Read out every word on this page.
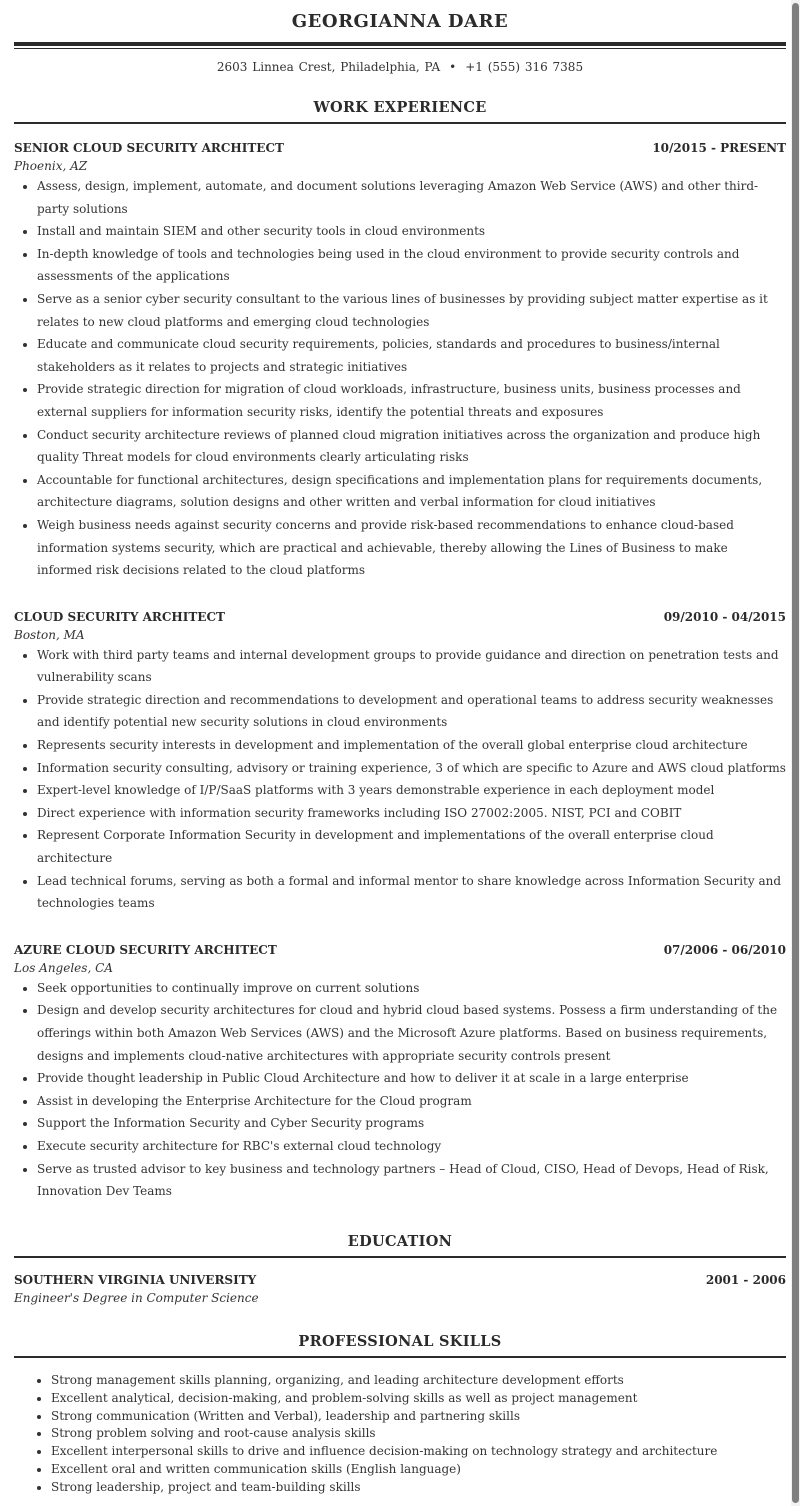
GEORGIANNA DARE
2603 Linnea Crest, Philadelphia, PA • +1 (555) 316 7385
WORK EXPERIENCE
SENIOR CLOUD SECURITY ARCHITECT	10/2015 - PRESENT
Phoenix, AZ
• Assess, design, implement, automate, and document solutions leveraging Amazon Web Service (AWS) and other third-party solutions
• Install and maintain SIEM and other security tools in cloud environments
• In-depth knowledge of tools and technologies being used in the cloud environment to provide security controls and assessments of the applications
• Serve as a senior cyber security consultant to the various lines of businesses by providing subject matter expertise as it relates to new cloud platforms and emerging cloud technologies
• Educate and communicate cloud security requirements, policies, standards and procedures to business/internal stakeholders as it relates to projects and strategic initiatives
• Provide strategic direction for migration of cloud workloads, infrastructure, business units, business processes and external suppliers for information security risks, identify the potential threats and exposures
• Conduct security architecture reviews of planned cloud migration initiatives across the organization and produce high quality Threat models for cloud environments clearly articulating risks
• Accountable for functional architectures, design specifications and implementation plans for requirements documents, architecture diagrams, solution designs and other written and verbal information for cloud initiatives
• Weigh business needs against security concerns and provide risk-based recommendations to enhance cloud-based information systems security, which are practical and achievable, thereby allowing the Lines of Business to make informed risk decisions related to the cloud platforms
CLOUD SECURITY ARCHITECT	09/2010 - 04/2015
Boston, MA
• Work with third party teams and internal development groups to provide guidance and direction on penetration tests and vulnerability scans
• Provide strategic direction and recommendations to development and operational teams to address security weaknesses and identify potential new security solutions in cloud environments
• Represents security interests in development and implementation of the overall global enterprise cloud architecture
• Information security consulting, advisory or training experience, 3 of which are specific to Azure and AWS cloud platforms
• Expert-level knowledge of I/P/SaaS platforms with 3 years demonstrable experience in each deployment model
• Direct experience with information security frameworks including ISO 27002:2005. NIST, PCI and COBIT
• Represent Corporate Information Security in development and implementations of the overall enterprise cloud architecture
• Lead technical forums, serving as both a formal and informal mentor to share knowledge across Information Security and technologies teams
AZURE CLOUD SECURITY ARCHITECT	07/2006 - 06/2010
Los Angeles, CA
• Seek opportunities to continually improve on current solutions
• Design and develop security architectures for cloud and hybrid cloud based systems. Possess a firm understanding of the offerings within both Amazon Web Services (AWS) and the Microsoft Azure platforms. Based on business requirements, designs and implements cloud-native architectures with appropriate security controls present
• Provide thought leadership in Public Cloud Architecture and how to deliver it at scale in a large enterprise
• Assist in developing the Enterprise Architecture for the Cloud program
• Support the Information Security and Cyber Security programs
• Execute security architecture for RBC's external cloud technology
• Serve as trusted advisor to key business and technology partners – Head of Cloud, CISO, Head of Devops, Head of Risk, Innovation Dev Teams
EDUCATION
SOUTHERN VIRGINIA UNIVERSITY	2001 - 2006
Engineer's Degree in Computer Science
PROFESSIONAL SKILLS
• Strong management skills planning, organizing, and leading architecture development efforts
• Excellent analytical, decision-making, and problem-solving skills as well as project management
• Strong communication (Written and Verbal), leadership and partnering skills
• Strong problem solving and root-cause analysis skills
• Excellent interpersonal skills to drive and influence decision-making on technology strategy and architecture
• Excellent oral and written communication skills (English language)
• Strong leadership, project and team-building skills
